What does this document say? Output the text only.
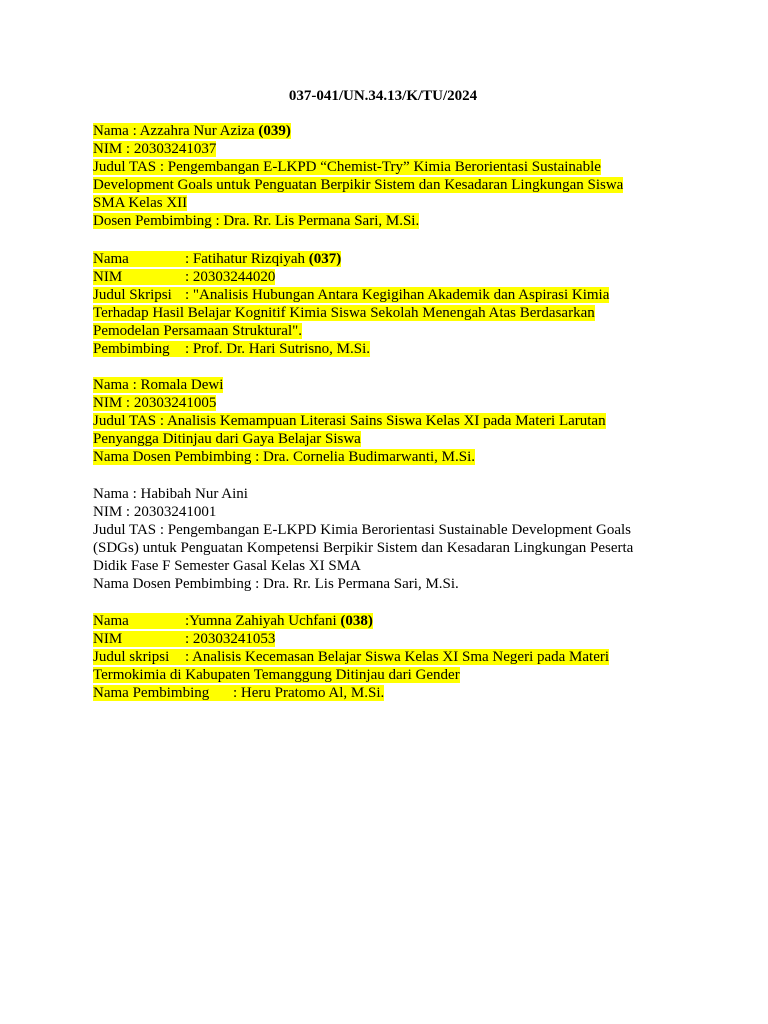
037-041/UN.34.13/K/TU/2024
Nama : Azzahra Nur Aziza (039)
NIM : 20303241037
Judul TAS : Pengembangan E-LKPD “Chemist-Try” Kimia Berorientasi Sustainable
Development Goals untuk Penguatan Berpikir Sistem dan Kesadaran Lingkungan Siswa
SMA Kelas XII
Dosen Pembimbing : Dra. Rr. Lis Permana Sari, M.Si.
Nama	: Fatihatur Rizqiyah (037)
NIM	: 20303244020
Judul Skripsi : "Analisis Hubungan Antara Kegigihan Akademik dan Aspirasi Kimia
Terhadap Hasil Belajar Kognitif Kimia Siswa Sekolah Menengah Atas Berdasarkan
Pemodelan Persamaan Struktural".
Pembimbing : Prof. Dr. Hari Sutrisno, M.Si.
Nama : Romala Dewi
NIM : 20303241005
Judul TAS : Analisis Kemampuan Literasi Sains Siswa Kelas XI pada Materi Larutan
Penyangga Ditinjau dari Gaya Belajar Siswa
Nama Dosen Pembimbing : Dra. Cornelia Budimarwanti, M.Si.
Nama : Habibah Nur Aini
NIM : 20303241001
Judul TAS : Pengembangan E-LKPD Kimia Berorientasi Sustainable Development Goals
(SDGs) untuk Penguatan Kompetensi Berpikir Sistem dan Kesadaran Lingkungan Peserta
Didik Fase F Semester Gasal Kelas XI SMA
Nama Dosen Pembimbing : Dra. Rr. Lis Permana Sari, M.Si.
Nama	:Yumna Zahiyah Uchfani (038)
NIM	: 20303241053
Judul skripsi : Analisis Kecemasan Belajar Siswa Kelas XI Sma Negeri pada Materi
Termokimia di Kabupaten Temanggung Ditinjau dari Gender
Nama Pembimbing : Heru Pratomo Al, M.Si.
